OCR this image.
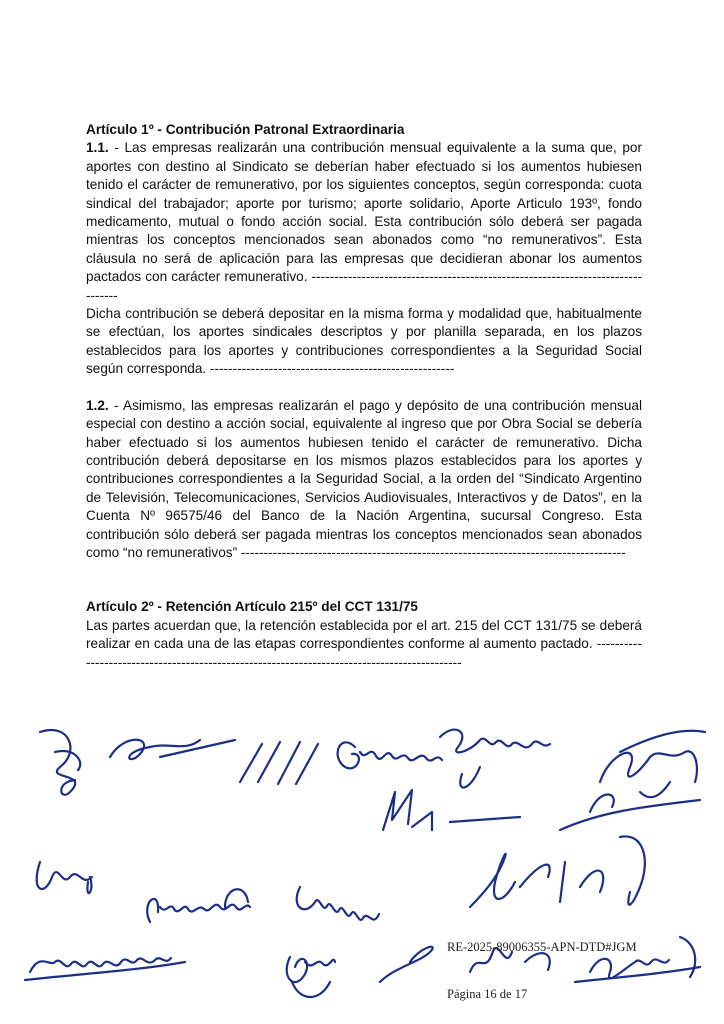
Artículo 1º - Contribución Patronal Extraordinaria

1.1. - Las empresas realizarán una contribución mensual equivalente a la suma que, por aportes con destino al Sindicato se deberían haber efectuado si los aumentos hubiesen tenido el carácter de remunerativo, por los siguientes conceptos, según corresponda: cuota sindical del trabajador; aporte por turismo; aporte solidario, Aporte Articulo 193º, fondo medicamento, mutual o fondo acción social. Esta contribución sólo deberá ser pagada mientras los conceptos mencionados sean abonados como “no remunerativos”. Esta cláusula no será de aplicación para las empresas que decidieran abonar los aumentos pactados con carácter remunerativo. --------------------------------------------------------------------------------

Dicha contribución se deberá depositar en la misma forma y modalidad que, habitualmente se efectúan, los aportes sindicales descriptos y por planilla separada, en los plazos establecidos para los aportes y contribuciones correspondientes a la Seguridad Social según corresponda. ------------------------------------------------------

1.2. - Asimismo, las empresas realizarán el pago y depósito de una contribución mensual especial con destino a acción social, equivalente al ingreso que por Obra Social se debería haber efectuado si los aumentos hubiesen tenido el carácter de remunerativo. Dicha contribución deberá depositarse en los mismos plazos establecidos para los aportes y contribuciones correspondientes a la Seguridad Social, a la orden del “Sindicato Argentino de Televisión, Telecomunicaciones, Servicios Audiovisuales, Interactivos y de Datos”, en la Cuenta Nº 96575/46 del Banco de la Nación Argentina, sucursal Congreso. Esta contribución sólo deberá ser pagada mientras los conceptos mencionados sean abonados como “no remunerativos” -------------------------------------------------------------------------------------

Artículo 2º - Retención Artículo 215º del CCT 131/75

Las partes acuerdan que, la retención establecida por el art. 215 del CCT 131/75 se deberá realizar en cada una de las etapas correspondientes conforme al aumento pactado. ---------------------------------------------------------------------------------------------

RE-2025-89006355-APN-DTD#JGM
Página 16 de 17
